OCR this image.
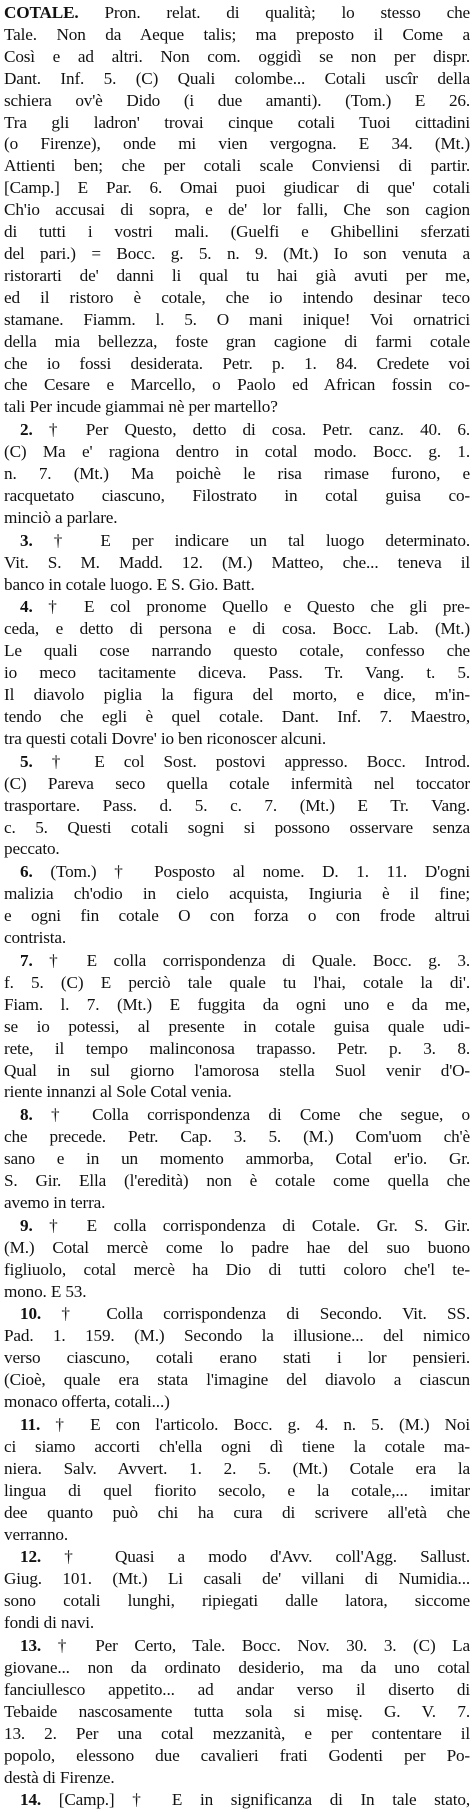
COTALE. Pron. relat. di qualità; lo stesso che

Tale. Non da Aeque talis; ma preposto il Come a

Così e ad altri. Non com. oggidì se non per dispr.

Dant. Inf. 5. (C) Quali colombe... Cotali uscîr della

schiera ov'è Dido (i due amanti). (Tom.) E 26.

Tra gli ladron' trovai cinque cotali Tuoi cittadini

(o Firenze), onde mi vien vergogna. E 34. (Mt.)

Attienti ben; che per cotali scale Conviensi di partir.

[Camp.] E Par. 6. Omai puoi giudicar di que' cotali

Ch'io accusai di sopra, e de' lor falli, Che son cagion

di tutti i vostri mali. (Guelfi e Ghibellini sferzati

del pari.) = Bocc. g. 5. n. 9. (Mt.) Io son venuta a

ristorarti de' danni li qual tu hai già avuti per me,

ed il ristoro è cotale, che io intendo desinar teco

stamane. Fiamm. l. 5. O mani inique! Voi ornatrici

della mia bellezza, foste gran cagione di farmi cotale

che io fossi desiderata. Petr. p. 1. 84. Credete voi

che Cesare e Marcello, o Paolo ed African fossin co-

tali Per incude giammai nè per martello?

2. † Per Questo, detto di cosa. Petr. canz. 40. 6.

(C) Ma e' ragiona dentro in cotal modo. Bocc. g. 1.

n. 7. (Mt.) Ma poichè le risa rimase furono, e

racquetato ciascuno, Filostrato in cotal guisa co-

minciò a parlare.

3. † E per indicare un tal luogo determinato.

Vit. S. M. Madd. 12. (M.) Matteo, che... teneva il

banco in cotale luogo. E S. Gio. Batt.

4. † E col pronome Quello e Questo che gli pre-

ceda, e detto di persona e di cosa. Bocc. Lab. (Mt.)

Le quali cose narrando questo cotale, confesso che

io meco tacitamente diceva. Pass. Tr. Vang. t. 5.

Il diavolo piglia la figura del morto, e dice, m'in-

tendo che egli è quel cotale. Dant. Inf. 7. Maestro,

tra questi cotali Dovre' io ben riconoscer alcuni.

5. † E col Sost. postovi appresso. Bocc. Introd.

(C) Pareva seco quella cotale infermità nel toccator

trasportare. Pass. d. 5. c. 7. (Mt.) E Tr. Vang.

c. 5. Questi cotali sogni si possono osservare senza

peccato.

6. (Tom.) † Posposto al nome. D. 1. 11. D'ogni

malizia ch'odio in cielo acquista, Ingiuria è il fine;

e ogni fin cotale O con forza o con frode altrui

contrista.

7. † E colla corrispondenza di Quale. Bocc. g. 3.

f. 5. (C) E perciò tale quale tu l'hai, cotale la di'.

Fiam. l. 7. (Mt.) E fuggita da ogni uno e da me,

se io potessi, al presente in cotale guisa quale udi-

rete, il tempo malinconosa trapasso. Petr. p. 3. 8.

Qual in sul giorno l'amorosa stella Suol venir d'O-

riente innanzi al Sole Cotal venia.

8. † Colla corrispondenza di Come che segue, o

che precede. Petr. Cap. 3. 5. (M.) Com'uom ch'è

sano e in un momento ammorba, Cotal er'io. Gr.

S. Gir. Ella (l'eredità) non è cotale come quella che

avemo in terra.

9. † E colla corrispondenza di Cotale. Gr. S. Gir.

(M.) Cotal mercè come lo padre hae del suo buono

figliuolo, cotal mercè ha Dio di tutti coloro che'l te-

mono. E 53.

10. † Colla corrispondenza di Secondo. Vit. SS.

Pad. 1. 159. (M.) Secondo la illusione... del nimico

verso ciascuno, cotali erano stati i lor pensieri.

(Cioè, quale era stata l'imagine del diavolo a ciascun

monaco offerta, cotali...)

11. † E con l'articolo. Bocc. g. 4. n. 5. (M.) Noi

ci siamo accorti ch'ella ogni dì tiene la cotale ma-

niera. Salv. Avvert. 1. 2. 5. (Mt.) Cotale era la

lingua di quel fiorito secolo, e la cotale,... imitar

dee quanto può chi ha cura di scrivere all'età che

verranno.

12. † Quasi a modo d'Avv. coll'Agg. Sallust.

Giug. 101. (Mt.) Li casali de' villani di Numidia...

sono cotali lunghi, ripiegati dalle latora, siccome

fondi di navi.

13. † Per Certo, Tale. Bocc. Nov. 30. 3. (C) La

giovane... non da ordinato desiderio, ma da uno cotal

fanciullesco appetito... ad andar verso il diserto di

Tebaide nascosamente tutta sola si misę. G. V. 7.

13. 2. Per una cotal mezzanità, e per contentare il

popolo, elessono due cavalieri frati Godenti per Po-

destà di Firenze.

14. [Camp.] † E in significanza di In tale stato,
